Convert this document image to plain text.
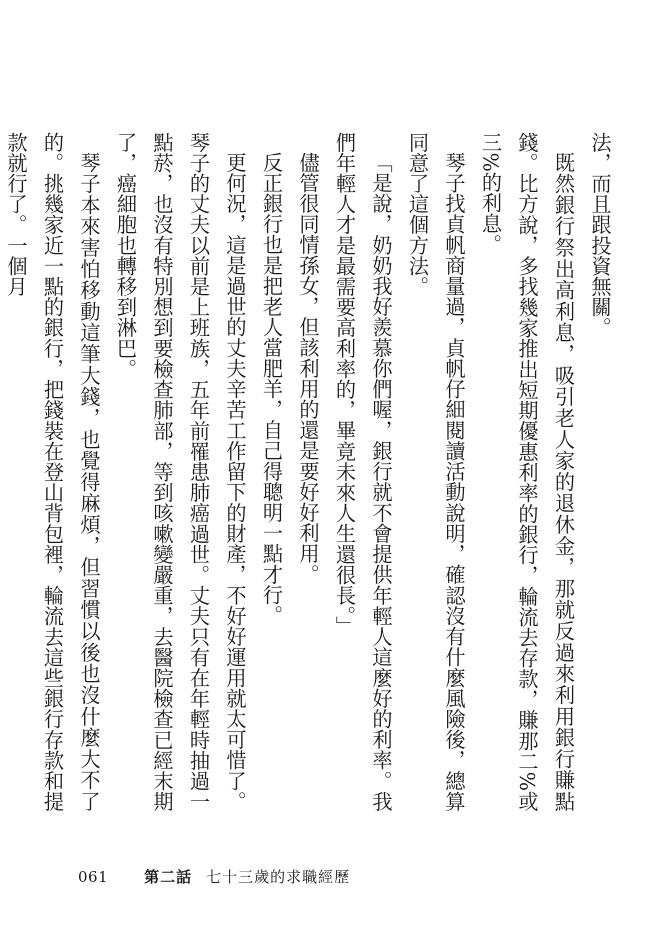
法，而且跟投資無關。

既然銀行祭出高利息，吸引老人家的退休金，那就反過來利用銀行賺點錢。比方說，多找幾家推出短期優惠利率的銀行，輪流去存款，賺那二%或三%的利息。

琴子找貞帆商量過，貞帆仔細閱讀活動說明，確認沒有什麼風險後，總算同意了這個方法。

「是說，奶奶我好羨慕你們喔，銀行就不會提供年輕人這麼好的利率。我們年輕人才是最需要高利率的，畢竟未來人生還很長。」

儘管很同情孫女，但該利用的還是要好好利用。

反正銀行也是把老人當肥羊，自己得聰明一點才行。

更何況，這是過世的丈夫辛苦工作留下的財產，不好好運用就太可惜了。琴子的丈夫以前是上班族，五年前罹患肺癌過世。丈夫只有在年輕時抽過一點菸，也沒有特別想到要檢查肺部，等到咳嗽變嚴重，去醫院檢查已經末期了，癌細胞也轉移到淋巴。

琴子本來害怕移動這筆大錢，也覺得麻煩，但習慣以後也沒什麼大不了的。挑幾家近一點的銀行，把錢裝在登山背包裡，輪流去這些銀行存款和提款就行了。一個月

061 第二話 七十三歲的求職經歷
